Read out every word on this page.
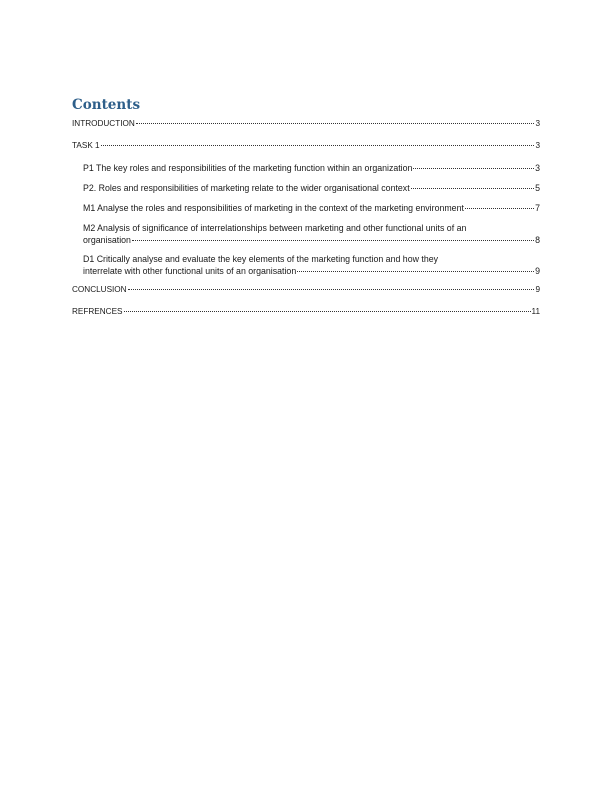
Contents
INTRODUCTION	3
TASK 1	3
P1 The key roles and responsibilities of the marketing function within an organization	3
P2. Roles and responsibilities of marketing relate to the wider organisational context	5
M1 Analyse the roles and responsibilities of marketing in the context of the marketing environment	7
M2 Analysis of significance of interrelationships between marketing and other functional units of an
organisation	8
D1 Critically analyse and evaluate the key elements of the marketing function and how they
interrelate with other functional units of an organisation	9
CONCLUSION	9
REFRENCES	11
